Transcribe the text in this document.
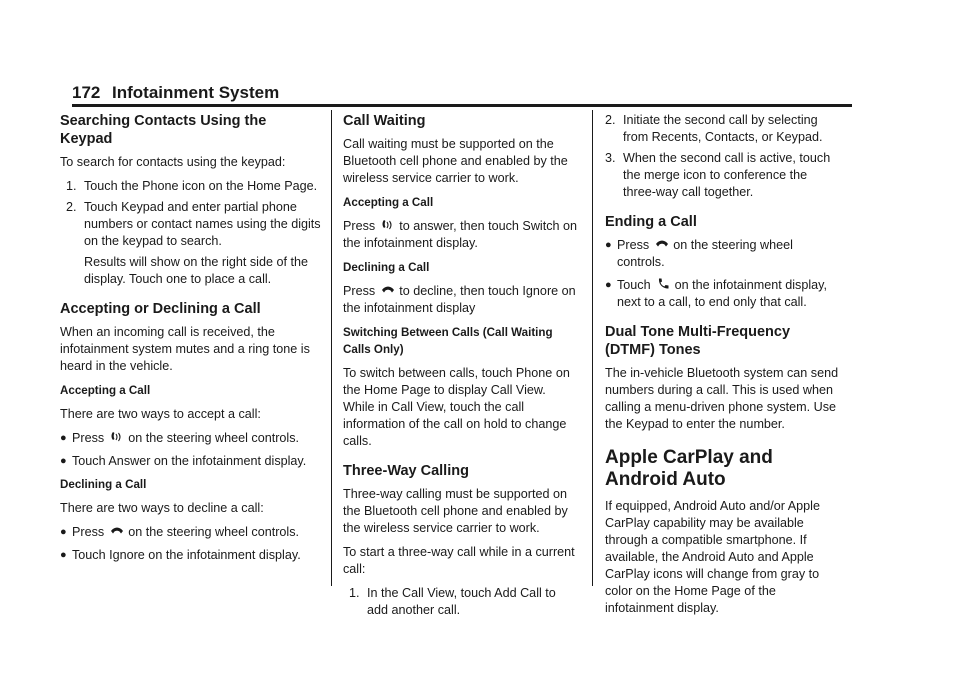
172 Infotainment System
Searching Contacts Using the Keypad

To search for contacts using the keypad:

1. Touch the Phone icon on the Home Page.
2. Touch Keypad and enter partial phone numbers or contact names using the digits on the keypad to search.

Results will show on the right side of the display. Touch one to place a call.

Accepting or Declining a Call

When an incoming call is received, the infotainment system mutes and a ring tone is heard in the vehicle.

Accepting a Call

There are two ways to accept a call:

● Press on the steering wheel controls.
● Touch Answer on the infotainment display.

Declining a Call

There are two ways to decline a call:

● Press on the steering wheel controls.
● Touch Ignore on the infotainment display.
Call Waiting

Call waiting must be supported on the Bluetooth cell phone and enabled by the wireless service carrier to work.

Accepting a Call

Press to answer, then touch Switch on the infotainment display.

Declining a Call

Press to decline, then touch Ignore on the infotainment display

Switching Between Calls (Call Waiting Calls Only)

To switch between calls, touch Phone on the Home Page to display Call View. While in Call View, touch the call information of the call on hold to change calls.

Three-Way Calling

Three-way calling must be supported on the Bluetooth cell phone and enabled by the wireless service carrier to work.

To start a three-way call while in a current call:

1. In the Call View, touch Add Call to add another call.
2. Initiate the second call by selecting from Recents, Contacts, or Keypad.
3. When the second call is active, touch the merge icon to conference the three-way call together.
Ending a Call
● Press on the steering wheel controls.
● Touch on the infotainment display, next to a call, to end only that call.
Dual Tone Multi-Frequency (DTMF) Tones

The in-vehicle Bluetooth system can send numbers during a call. This is used when calling a menu-driven phone system. Use the Keypad to enter the number.

Apple CarPlay and Android Auto

If equipped, Android Auto and/or Apple CarPlay capability may be available through a compatible smartphone. If available, the Android Auto and Apple CarPlay icons will change from gray to color on the Home Page of the infotainment display.
